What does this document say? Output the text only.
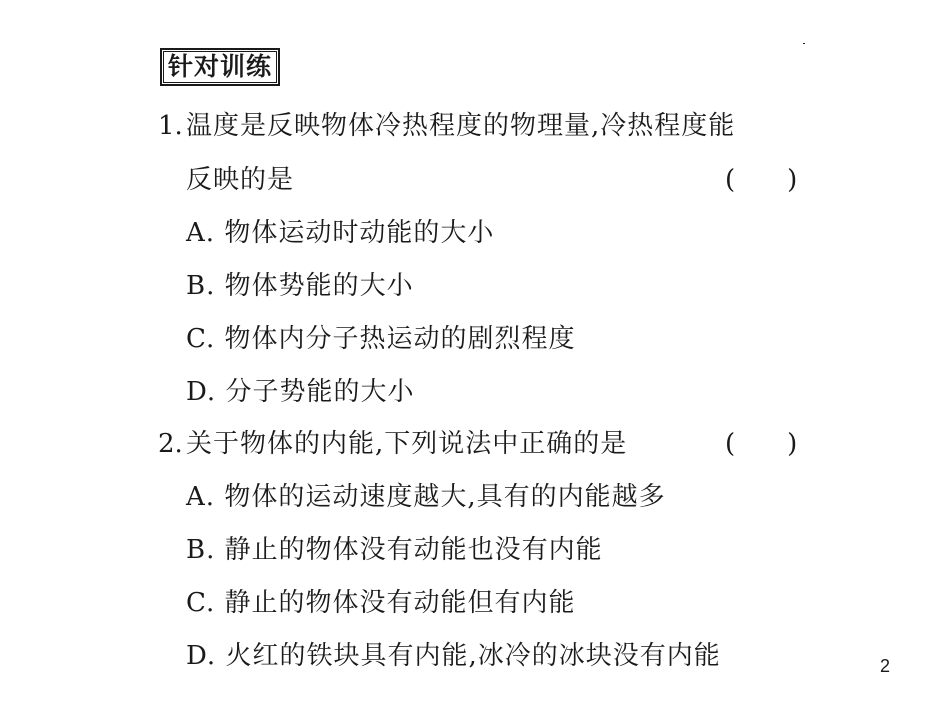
针对训练
1. 温度是反映物体冷热程度的物理量,冷热程度能
反映的是	(　　)
A. 物体运动时动能的大小
B. 物体势能的大小
C. 物体内分子热运动的剧烈程度
D. 分子势能的大小
2. 关于物体的内能,下列说法中正确的是	(　　)
A. 物体的运动速度越大,具有的内能越多
B. 静止的物体没有动能也没有内能
C. 静止的物体没有动能但有内能
D. 火红的铁块具有内能,冰冷的冰块没有内能	2
